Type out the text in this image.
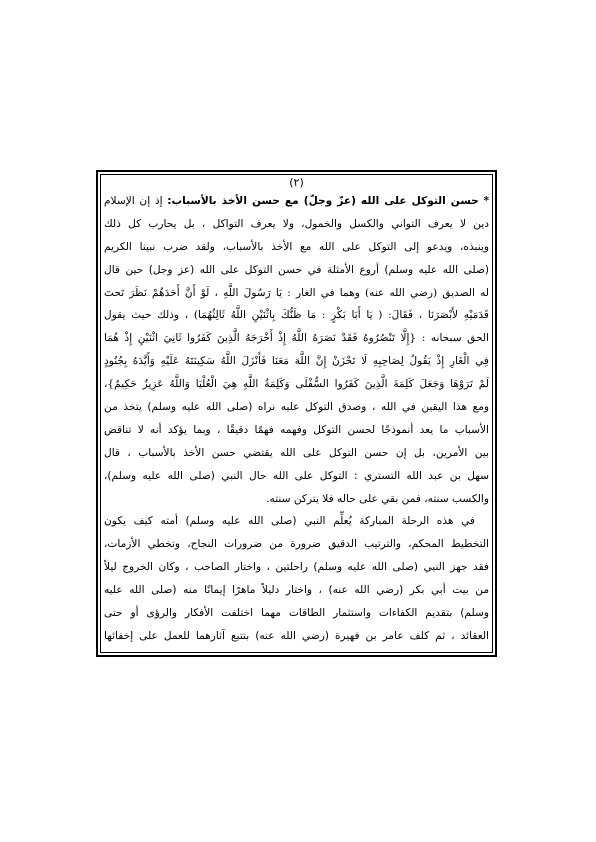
(٢)
* حسن التوكل على الله (عزّ وجلّ) مع حسن الأخذ بالأسباب: إذ إن الإسلام
دين لا يعرف التواني والكسل والخمول، ولا يعرف التواكل ، بل يحارب كل ذلك
وينبذه، ويدعو إلى التوكل على الله مع الأخذ بالأسباب، ولقد ضرب نبينا الكريم
(صلى الله عليه وسلم) أروع الأمثلة في حسن التوكل على الله (عز وجل) حين قال
له الصديق (رضي الله عنه) وهما في الغار : يَا رَسُولَ اللَّهِ ، لَوْ أَنَّ أَحَدَهُمْ نَظَرَ تَحتَ
قَدَمَيْهِ لأَبْصَرَنَا ، فَقَالَ: ( يَا أَبَا بَكْرٍ : مَا ظَنُّكَ بِاثْنَيْنِ اللَّهُ ثَالِثُهُمَا) ، وذلك حيث يقول
الحق سبحانه : {إِلَّا تَنْصُرُوهُ فَقَدْ نَصَرَهُ اللَّهُ إِذْ أَخْرَجَهُ الَّذِينَ كَفَرُوا ثَانِيَ اثْنَيْنِ إِذْ هُمَا
فِي الْغَارِ إِذْ يَقُولُ لِصَاحِبِهِ لَا تَحْزَنْ إِنَّ اللَّهَ مَعَنَا فَأَنْزَلَ اللَّهُ سَكِينَتَهُ عَلَيْهِ وَأَيَّدَهُ بِجُنُودٍ
لَمْ تَرَوْهَا وَجَعَلَ كَلِمَةَ الَّذِينَ كَفَرُوا السُّفْلَى وَكَلِمَةُ اللَّهِ هِيَ الْعُلْيَا وَاللَّهُ عَزِيزٌ حَكِيمٌ}،
ومع هذا اليقين في الله ، وصدق التوكل عليه نراه (صلى الله عليه وسلم) يتخذ من
الأسباب ما يعد أنموذجًا لحسن التوكل وفهمه فهمًا دقيقًا ، وبما يؤكد أنه لا تناقض
بين الأمرين، بل إن حسن التوكل على الله يقتضي حسن الأخذ بالأسباب ، قال
سهل بن عبد الله التستري : التوكل على الله حال النبي (صلى الله عليه وسلم)،
والكسب سنته، فمن بقي على حاله فلا يتركن سنته.
في هذه الرحلة المباركة يُعلِّم النبي (صلى الله عليه وسلم) أمته كيف يكون
التخطيط المحكم، والترتيب الدقيق ضرورة من ضرورات النجاح، وتخطي الأزمات،
فقد جهز النبي (صلى الله عليه وسلم) راحلتين ، واختار الصاحب ، وكان الخروج ليلاً
من بيت أبي بكر (رضي الله عنه) ، واختار دليلاً ماهرًا إيمانًا منه (صلى الله عليه
وسلم) بتقديم الكفاءات واستثمار الطاقات مهما اختلفت الأفكار والرؤى أو حتى
العقائد ، ثم كلف عامر بن فهيرة (رضي الله عنه) بتتبع آثارهما للعمل على إخفائها
